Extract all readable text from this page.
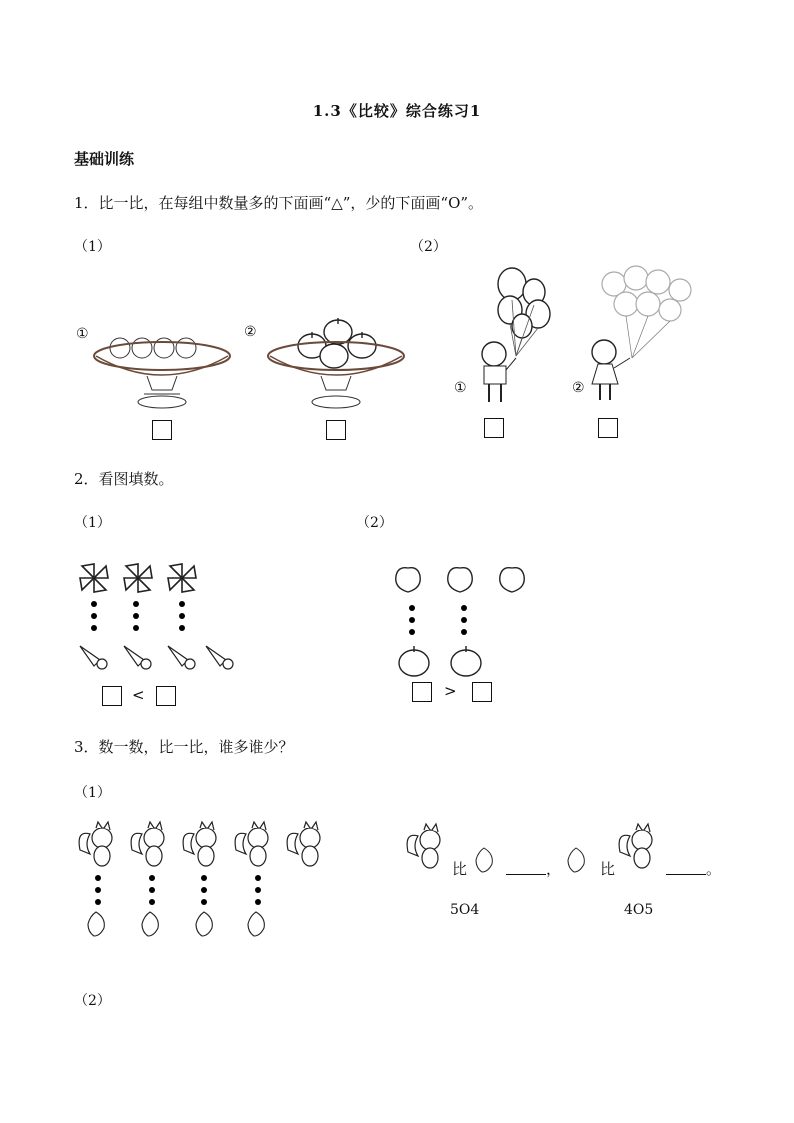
1.3《比较》综合练习1
基础训练
1．比一比，在每组中数量多的下面画“△”，少的下面画“O”。
（1）	（2）
①	②
①	②
2．看图填数。
（1）	（2）
<	>
3．数一数，比一比，谁多谁少？
（1）
比	，	比	。
5O4	4O5
（2）
